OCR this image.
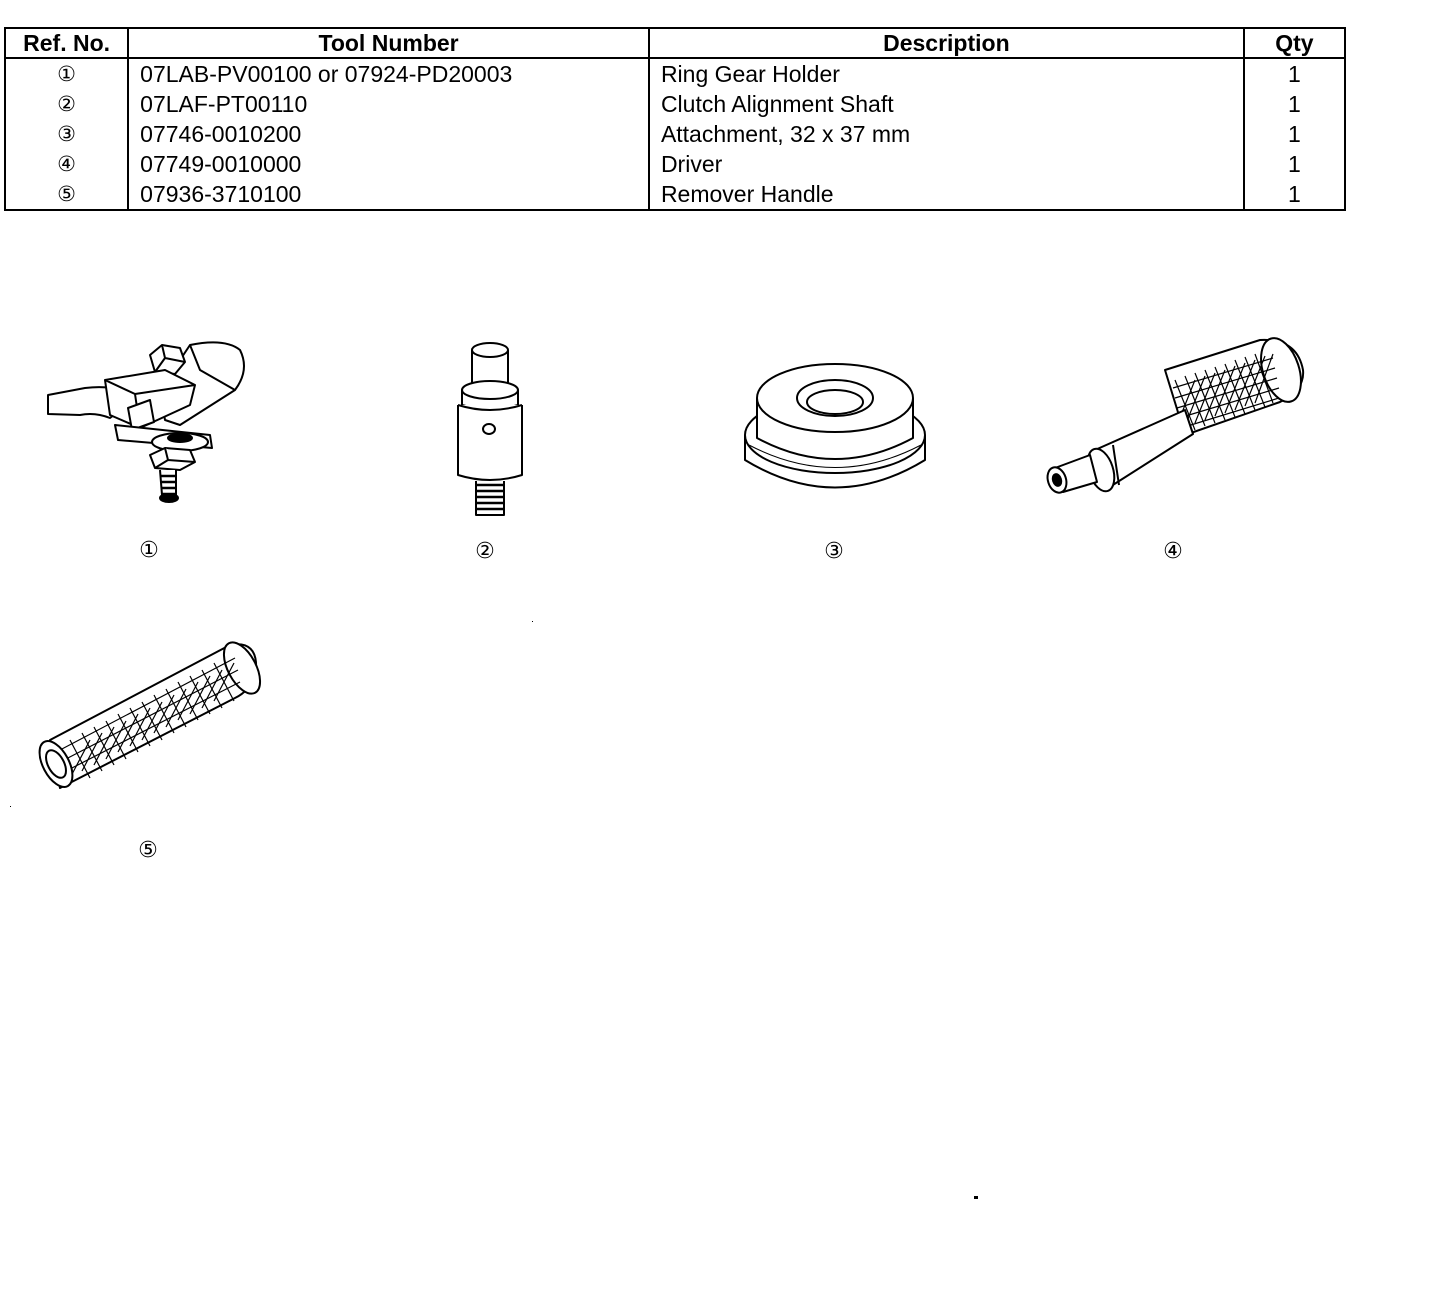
Ref. No.	Tool Number	Description	Qty
①	07LAB-PV00100 or 07924-PD20003	Ring Gear Holder	1
②	07LAF-PT00110	Clutch Alignment Shaft	1
③	07746-0010200	Attachment, 32 x 37 mm	1
④	07749-0010000	Driver	1
⑤	07936-3710100	Remover Handle	1
①	②	③	④
⑤
